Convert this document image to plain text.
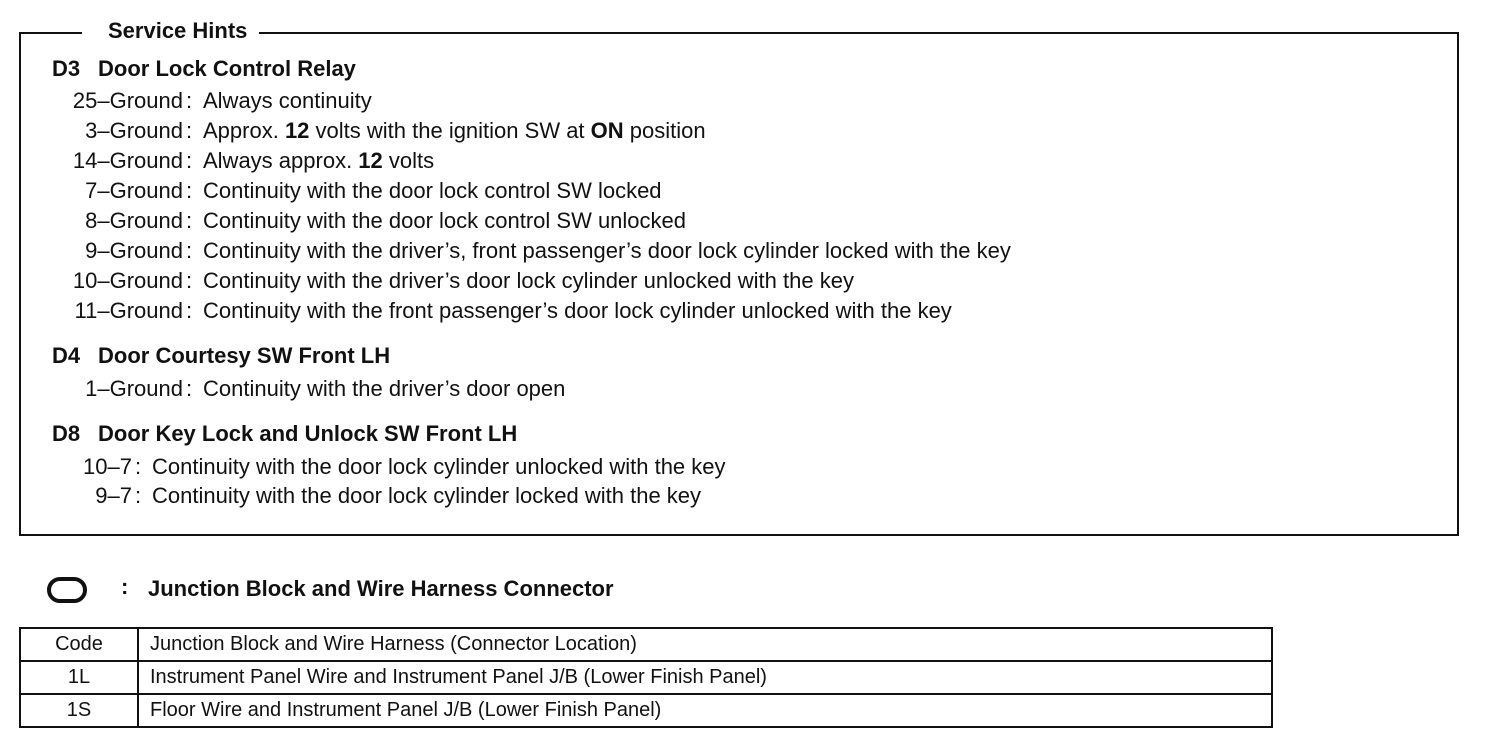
Service Hints
D3 Door Lock Control Relay
25–Ground : Always continuity
3–Ground : Approx. 12 volts with the ignition SW at ON position
14–Ground : Always approx. 12 volts
7–Ground : Continuity with the door lock control SW locked
8–Ground : Continuity with the door lock control SW unlocked
9–Ground : Continuity with the driver’s, front passenger’s door lock cylinder locked with the key
10–Ground : Continuity with the driver’s door lock cylinder unlocked with the key
11–Ground : Continuity with the front passenger’s door lock cylinder unlocked with the key
D4 Door Courtesy SW Front LH
1–Ground : Continuity with the driver’s door open
D8 Door Key Lock and Unlock SW Front LH
10–7 : Continuity with the door lock cylinder unlocked with the key
9–7 : Continuity with the door lock cylinder locked with the key
: Junction Block and Wire Harness Connector
Code	Junction Block and Wire Harness (Connector Location)
1L	Instrument Panel Wire and Instrument Panel J/B (Lower Finish Panel)
1S	Floor Wire and Instrument Panel J/B (Lower Finish Panel)
